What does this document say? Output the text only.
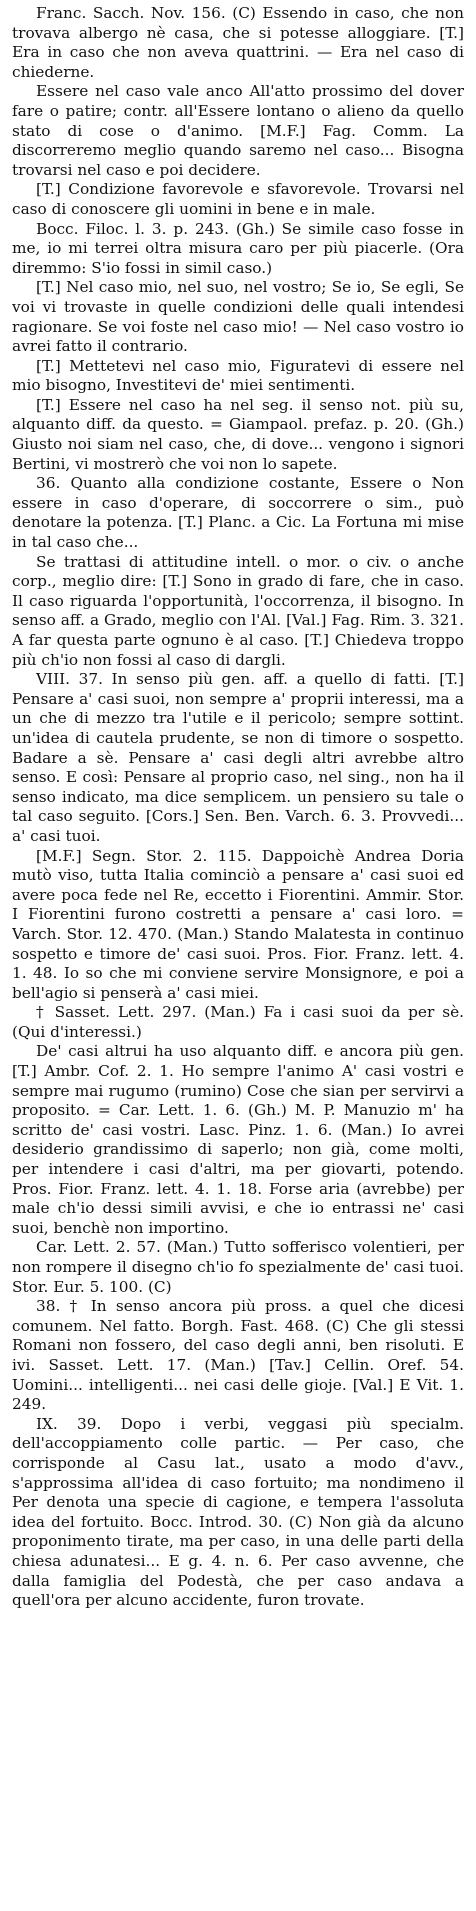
Franc. Sacch. Nov. 156. (C) Essendo in caso, che non trovava albergo nè casa, che si potesse alloggiare. [T.] Era in caso che non aveva quattrini. — Era nel caso di chiederne.

Essere nel caso vale anco All'atto prossimo del dover fare o patire; contr. all'Essere lontano o alieno da quello stato di cose o d'animo. [M.F.] Fag. Comm. La discorreremo meglio quando saremo nel caso... Bisogna trovarsi nel caso e poi decidere.

[T.] Condizione favorevole e sfavorevole. Trovarsi nel caso di conoscere gli uomini in bene e in male.

Bocc. Filoc. l. 3. p. 243. (Gh.) Se simile caso fosse in me, io mi terrei oltra misura caro per più piacerle. (Ora diremmo: S'io fossi in simil caso.)

[T.] Nel caso mio, nel suo, nel vostro; Se io, Se egli, Se voi vi trovaste in quelle condizioni delle quali intendesi ragionare. Se voi foste nel caso mio! — Nel caso vostro io avrei fatto il contrario.

[T.] Mettetevi nel caso mio, Figuratevi di essere nel mio bisogno, Investitevi de' miei sentimenti.

[T.] Essere nel caso ha nel seg. il senso not. più su, alquanto diff. da questo. = Giampaol. prefaz. p. 20. (Gh.) Giusto noi siam nel caso, che, di dove... vengono i signori Bertini, vi mostrerò che voi non lo sapete.

36. Quanto alla condizione costante, Essere o Non essere in caso d'operare, di soccorrere o sim., può denotare la potenza. [T.] Planc. a Cic. La Fortuna mi mise in tal caso che...

Se trattasi di attitudine intell. o mor. o civ. o anche corp., meglio dire: [T.] Sono in grado di fare, che in caso. Il caso riguarda l'opportunità, l'occorrenza, il bisogno. In senso aff. a Grado, meglio con l'Al. [Val.] Fag. Rim. 3. 321. A far questa parte ognuno è al caso. [T.] Chiedeva troppo più ch'io non fossi al caso di dargli.

VIII. 37. In senso più gen. aff. a quello di fatti. [T.] Pensare a' casi suoi, non sempre a' proprii interessi, ma a un che di mezzo tra l'utile e il pericolo; sempre sottint. un'idea di cautela prudente, se non di timore o sospetto. Badare a sè. Pensare a' casi degli altri avrebbe altro senso. E così: Pensare al proprio caso, nel sing., non ha il senso indicato, ma dice semplicem. un pensiero su tale o tal caso seguito. [Cors.] Sen. Ben. Varch. 6. 3. Provvedi... a' casi tuoi.

[M.F.] Segn. Stor. 2. 115. Dappoichè Andrea Doria mutò viso, tutta Italia cominciò a pensare a' casi suoi ed avere poca fede nel Re, eccetto i Fiorentini. Ammir. Stor. I Fiorentini furono costretti a pensare a' casi loro. = Varch. Stor. 12. 470. (Man.) Stando Malatesta in continuo sospetto e timore de' casi suoi. Pros. Fior. Franz. lett. 4. 1. 48. Io so che mi conviene servire Monsignore, e poi a bell'agio si penserà a' casi miei.

† Sasset. Lett. 297. (Man.) Fa i casi suoi da per sè. (Qui d'interessi.)

De' casi altrui ha uso alquanto diff. e ancora più gen. [T.] Ambr. Cof. 2. 1. Ho sempre l'animo A' casi vostri e sempre mai rugumo (rumino) Cose che sian per servirvi a proposito. = Car. Lett. 1. 6. (Gh.) M. P. Manuzio m' ha scritto de' casi vostri. Lasc. Pinz. 1. 6. (Man.) Io avrei desiderio grandissimo di saperlo; non già, come molti, per intendere i casi d'altri, ma per giovarti, potendo. Pros. Fior. Franz. lett. 4. 1. 18. Forse aria (avrebbe) per male ch'io dessi simili avvisi, e che io entrassi ne' casi suoi, benchè non importino.

Car. Lett. 2. 57. (Man.) Tutto sofferisco volentieri, per non rompere il disegno ch'io fo spezialmente de' casi tuoi. Stor. Eur. 5. 100. (C)

38. † In senso ancora più pross. a quel che dicesi comunem. Nel fatto. Borgh. Fast. 468. (C) Che gli stessi Romani non fossero, del caso degli anni, ben risoluti. E ivi. Sasset. Lett. 17. (Man.) [Tav.] Cellin. Oref. 54. Uomini... intelligenti... nei casi delle gioje. [Val.] E Vit. 1. 249.

IX. 39. Dopo i verbi, veggasi più specialm. dell'accoppiamento colle partic. — Per caso, che corrisponde al Casu lat., usato a modo d'avv., s'approssima all'idea di caso fortuito; ma nondimeno il Per denota una specie di cagione, e tempera l'assoluta idea del fortuito. Bocc. Introd. 30. (C) Non già da alcuno proponimento tirate, ma per caso, in una delle parti della chiesa adunatesi... E g. 4. n. 6. Per caso avvenne, che dalla famiglia del Podestà, che per caso andava a quell'ora per alcuno accidente, furon trovate.
